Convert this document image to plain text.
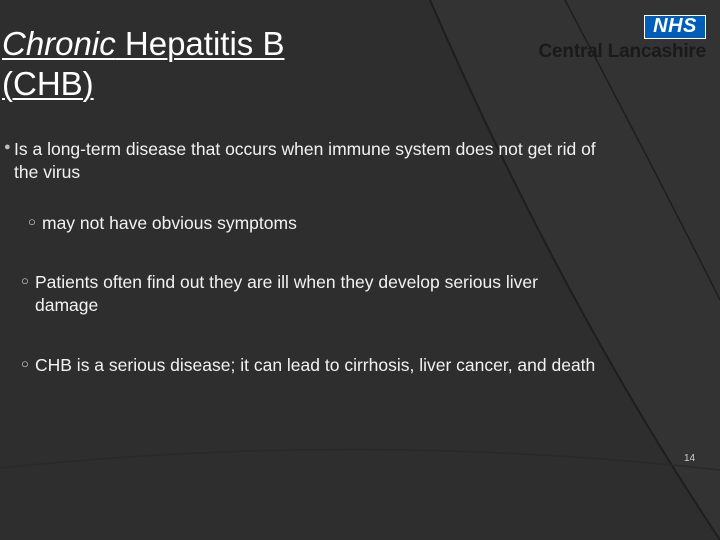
Chronic Hepatitis B
(CHB)
NHS
Central Lancashire
● Is a long-term disease that occurs when immune system does not get rid of the virus
○ may not have obvious symptoms
○ Patients often find out they are ill when they develop serious liver damage
○ CHB is a serious disease; it can lead to cirrhosis, liver cancer, and death
14
